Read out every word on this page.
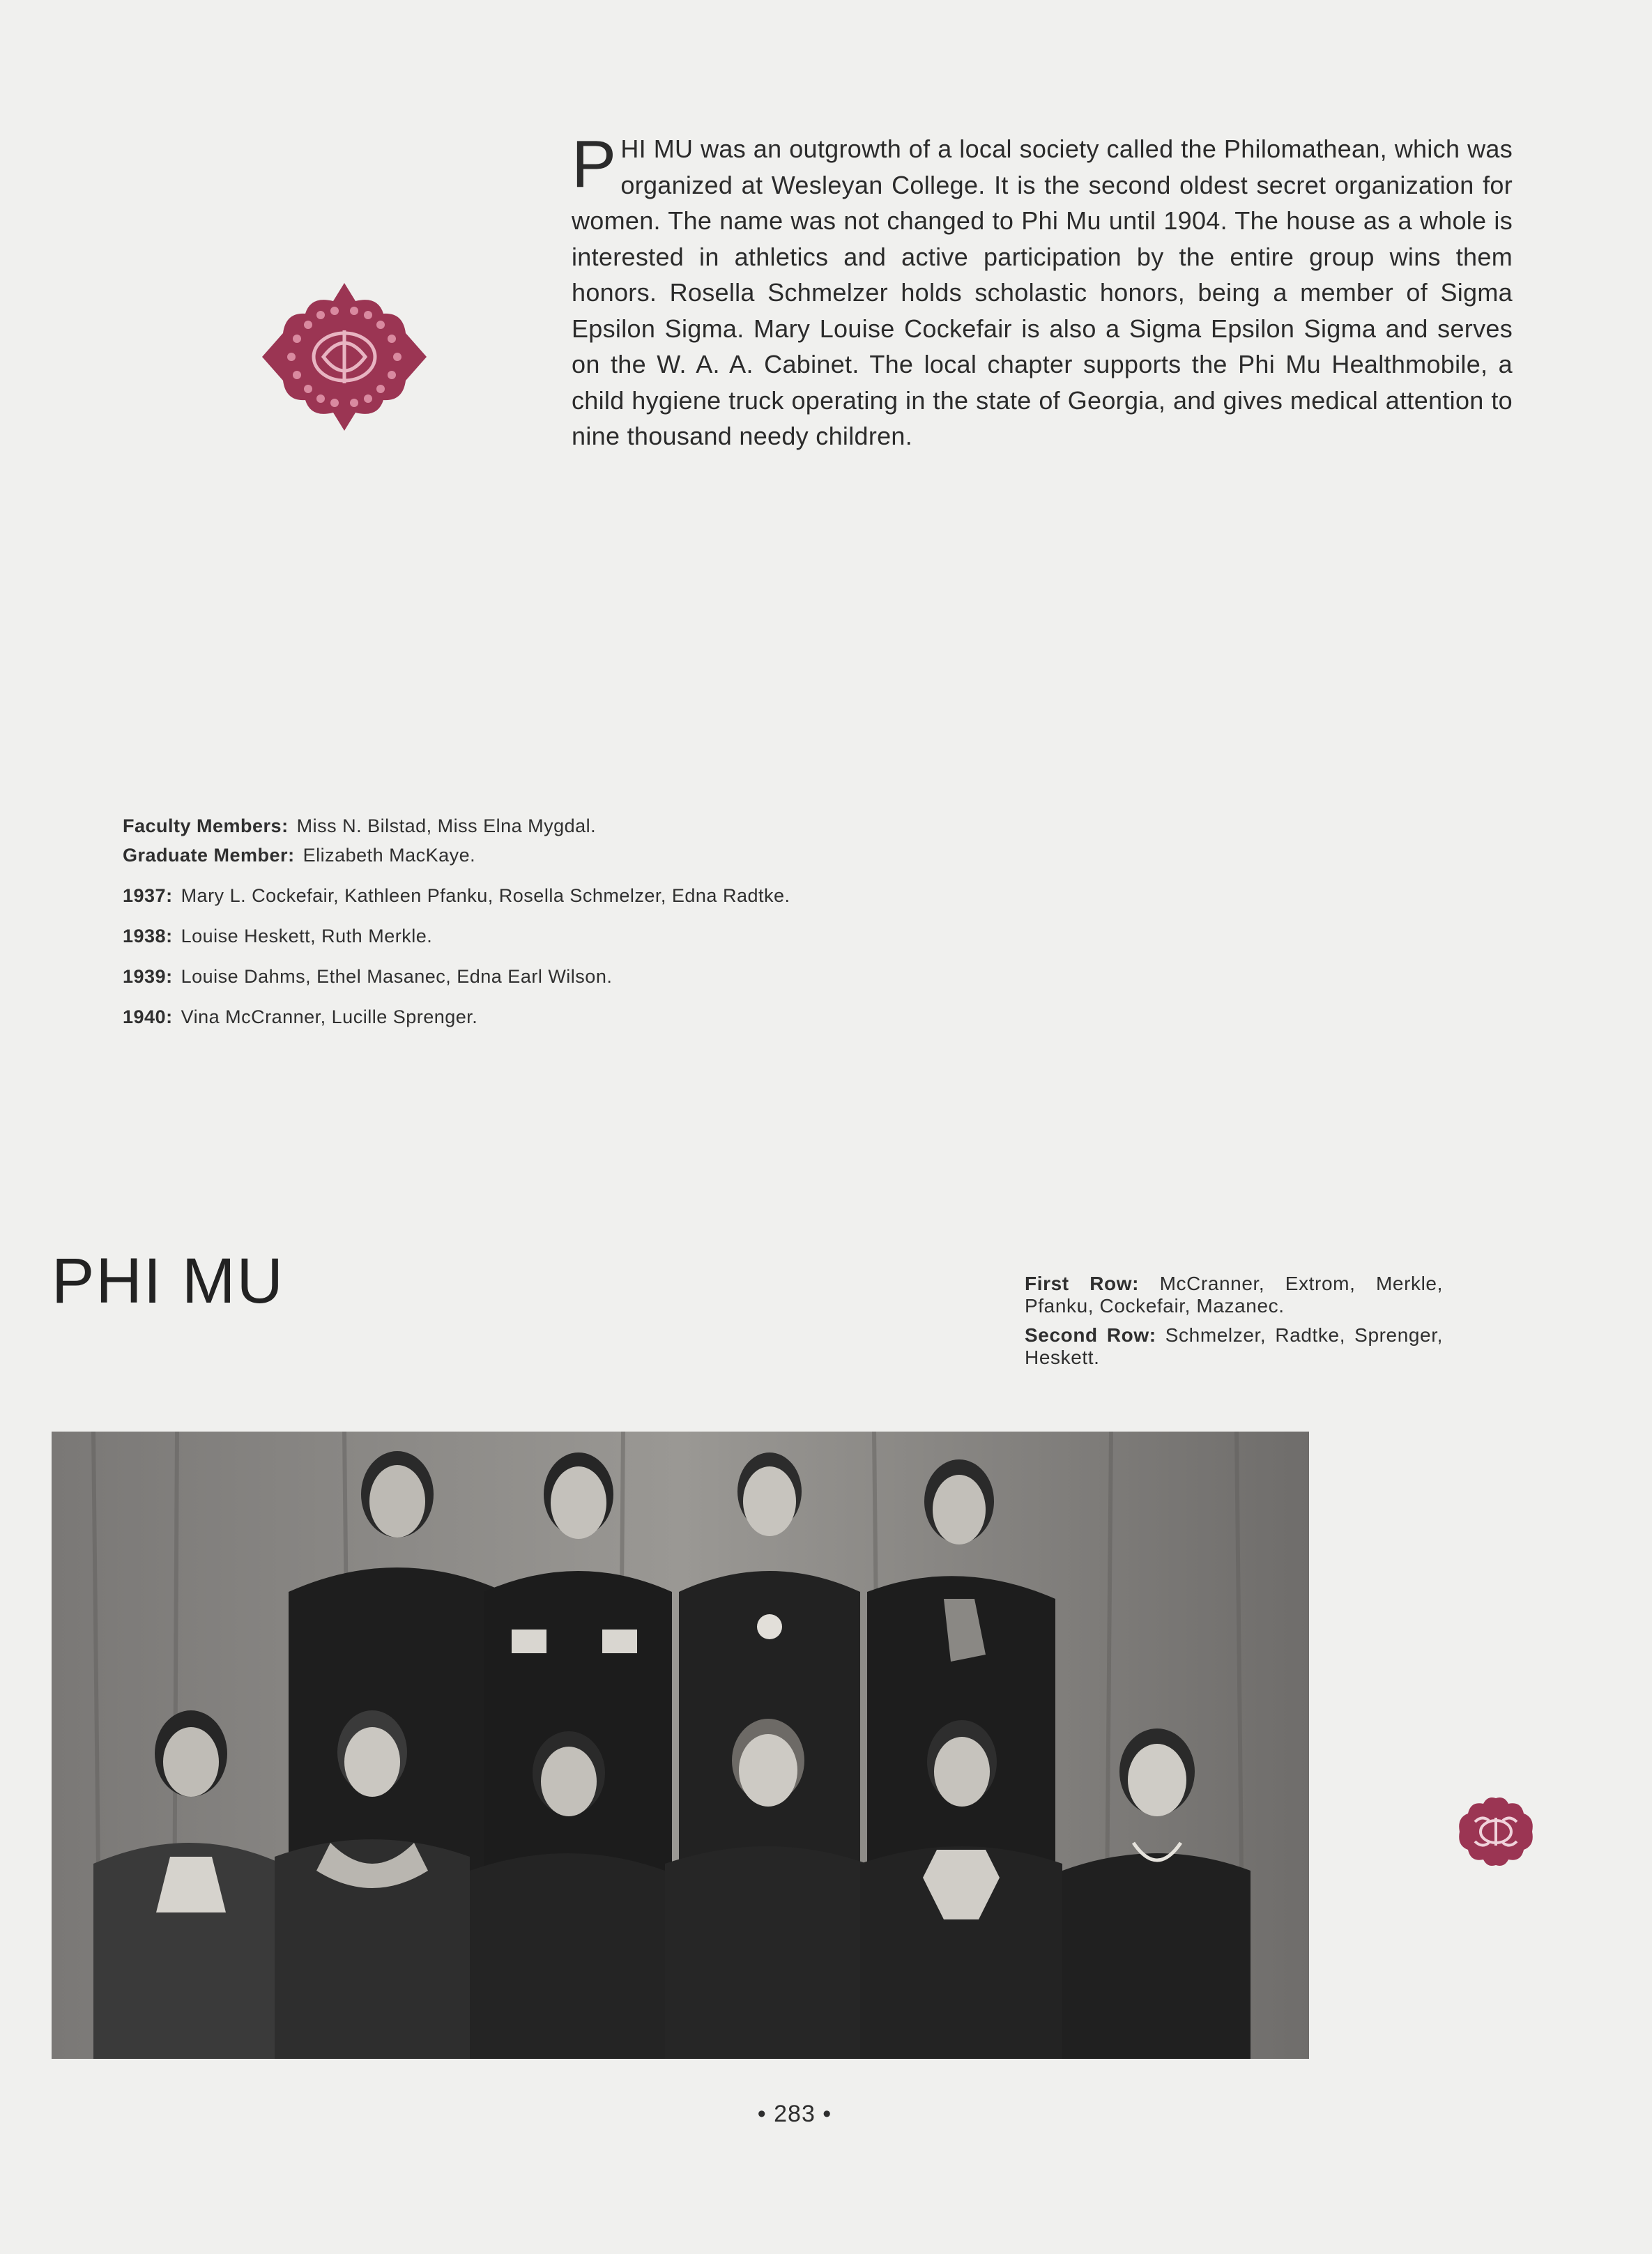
PHI MU was an outgrowth of a local society called the Philomathean, which was organized at Wesleyan College. It is the second oldest secret organization for women. The name was not changed to Phi Mu until 1904. The house as a whole is interested in athletics and active participation by the entire group wins them honors. Rosella Schmelzer holds scholastic honors, being a member of Sigma Epsilon Sigma. Mary Louise Cockefair is also a Sigma Epsilon Sigma and serves on the W. A. A. Cabinet. The local chapter supports the Phi Mu Healthmobile, a child hygiene truck operating in the state of Georgia, and gives medical attention to nine thousand needy children.
Faculty Members: Miss N. Bilstad, Miss Elna Mygdal.
Graduate Member: Elizabeth MacKaye.
1937: Mary L. Cockefair, Kathleen Pfanku, Rosella Schmelzer, Edna Radtke.
1938: Louise Heskett, Ruth Merkle.
1939: Louise Dahms, Ethel Masanec, Edna Earl Wilson.
1940: Vina McCranner, Lucille Sprenger.
PHI MU	First Row: McCranner, Extrom, Merkle, Pfanku, Cockefair, Mazanec.
Second Row: Schmelzer, Radtke, Sprenger, Heskett.
• 283 •
